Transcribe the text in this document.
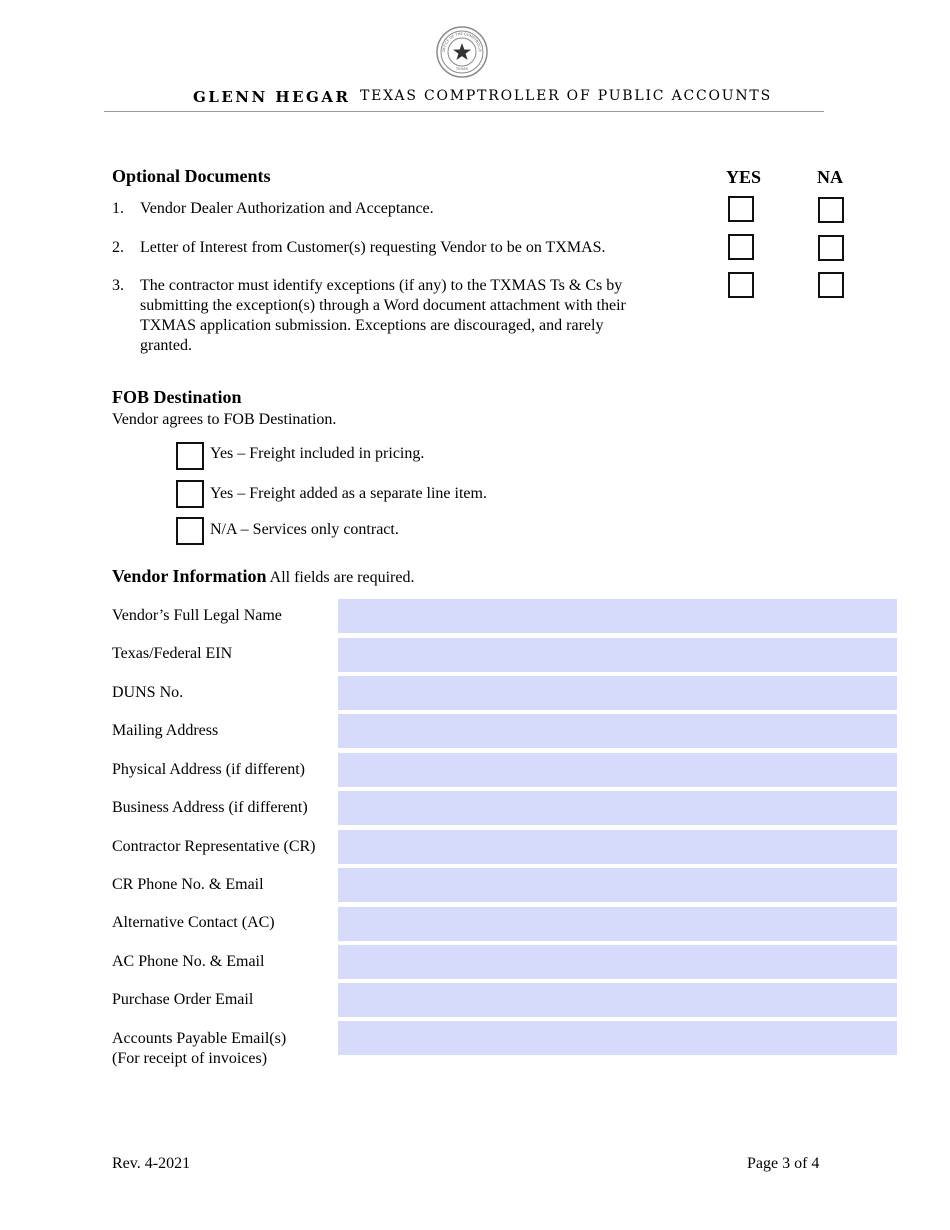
OFFICE OF THE COMPTROLLE
TEXAS
GLENN HEGAR TEXAS COMPTROLLER OF PUBLIC ACCOUNTS
Optional Documents	YES	NA
1. Vendor Dealer Authorization and Acceptance.
2. Letter of Interest from Customer(s) requesting Vendor to be on TXMAS.
3. The contractor must identify exceptions (if any) to the TXMAS Ts & Cs by
submitting the exception(s) through a Word document attachment with their
TXMAS application submission. Exceptions are discouraged, and rarely
granted.
FOB Destination
Vendor agrees to FOB Destination.
Yes – Freight included in pricing.
Yes – Freight added as a separate line item.
N/A – Services only contract.
Vendor Information All fields are required.
Vendor’s Full Legal Name
Texas/Federal EIN
DUNS No.
Mailing Address
Physical Address (if different)
Business Address (if different)
Contractor Representative (CR)
CR Phone No. & Email
Alternative Contact (AC)
AC Phone No. & Email
Purchase Order Email
Accounts Payable Email(s)
(For receipt of invoices)
Rev. 4-2021	Page 3 of 4
